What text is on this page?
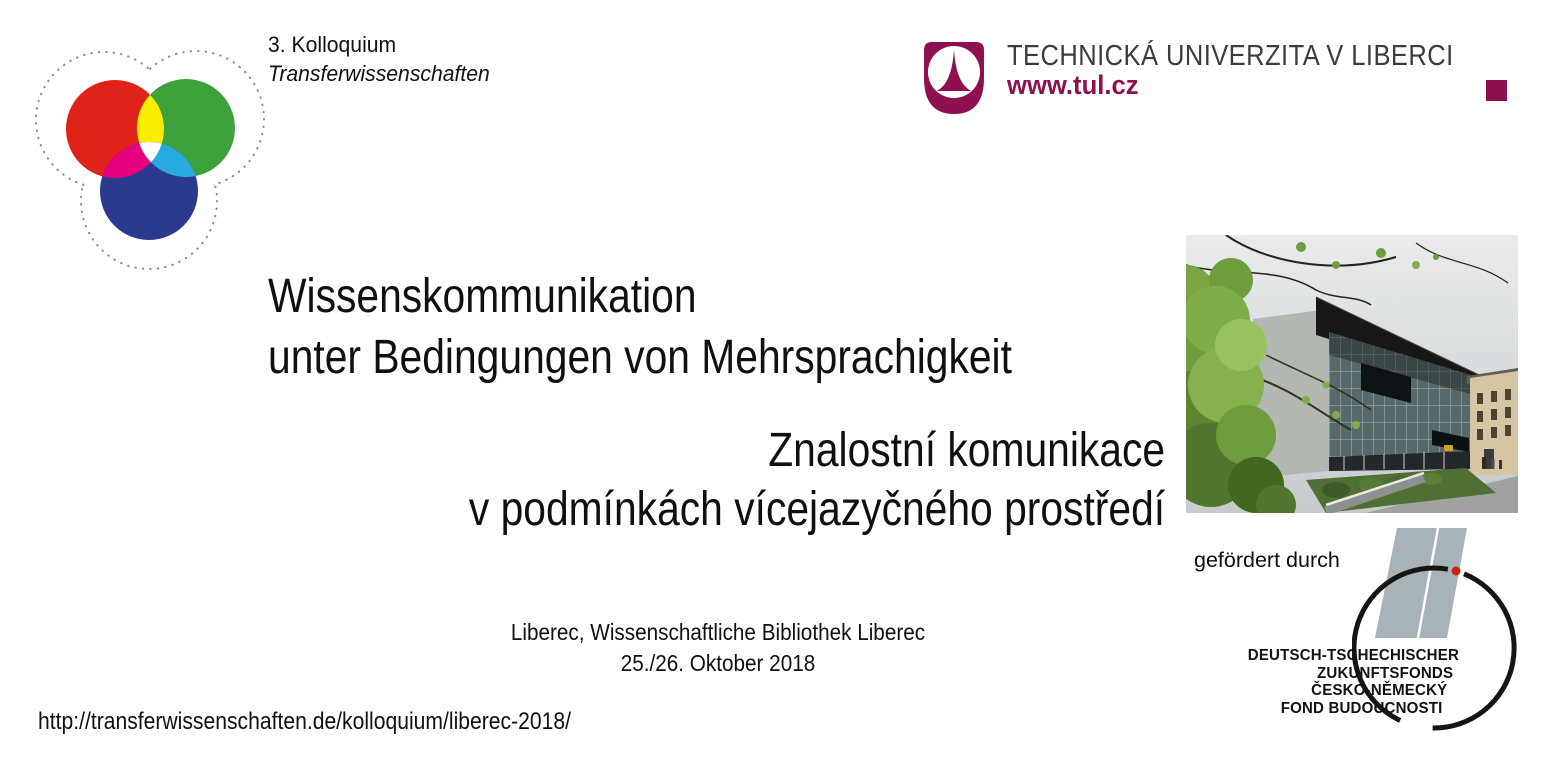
3. Kolloquium
Transferwissenschaften
TECHNICKÁ UNIVERZITA V LIBERCI
www.tul.cz
Wissenskommunikation
unter Bedingungen von Mehrsprachigkeit
Znalostní komunikace
v podmínkách vícejazyčného prostředí
Liberec, Wissenschaftliche Bibliothek Liberec
25./26. Oktober 2018
http://transferwissenschaften.de/kolloquium/liberec-2018/
gefördert durch
DEUTSCH-TSCHECHISCHER
ZUKUNFTSFONDS
ČESKO-NĚMECKÝ
FOND BUDOUCNOSTI
